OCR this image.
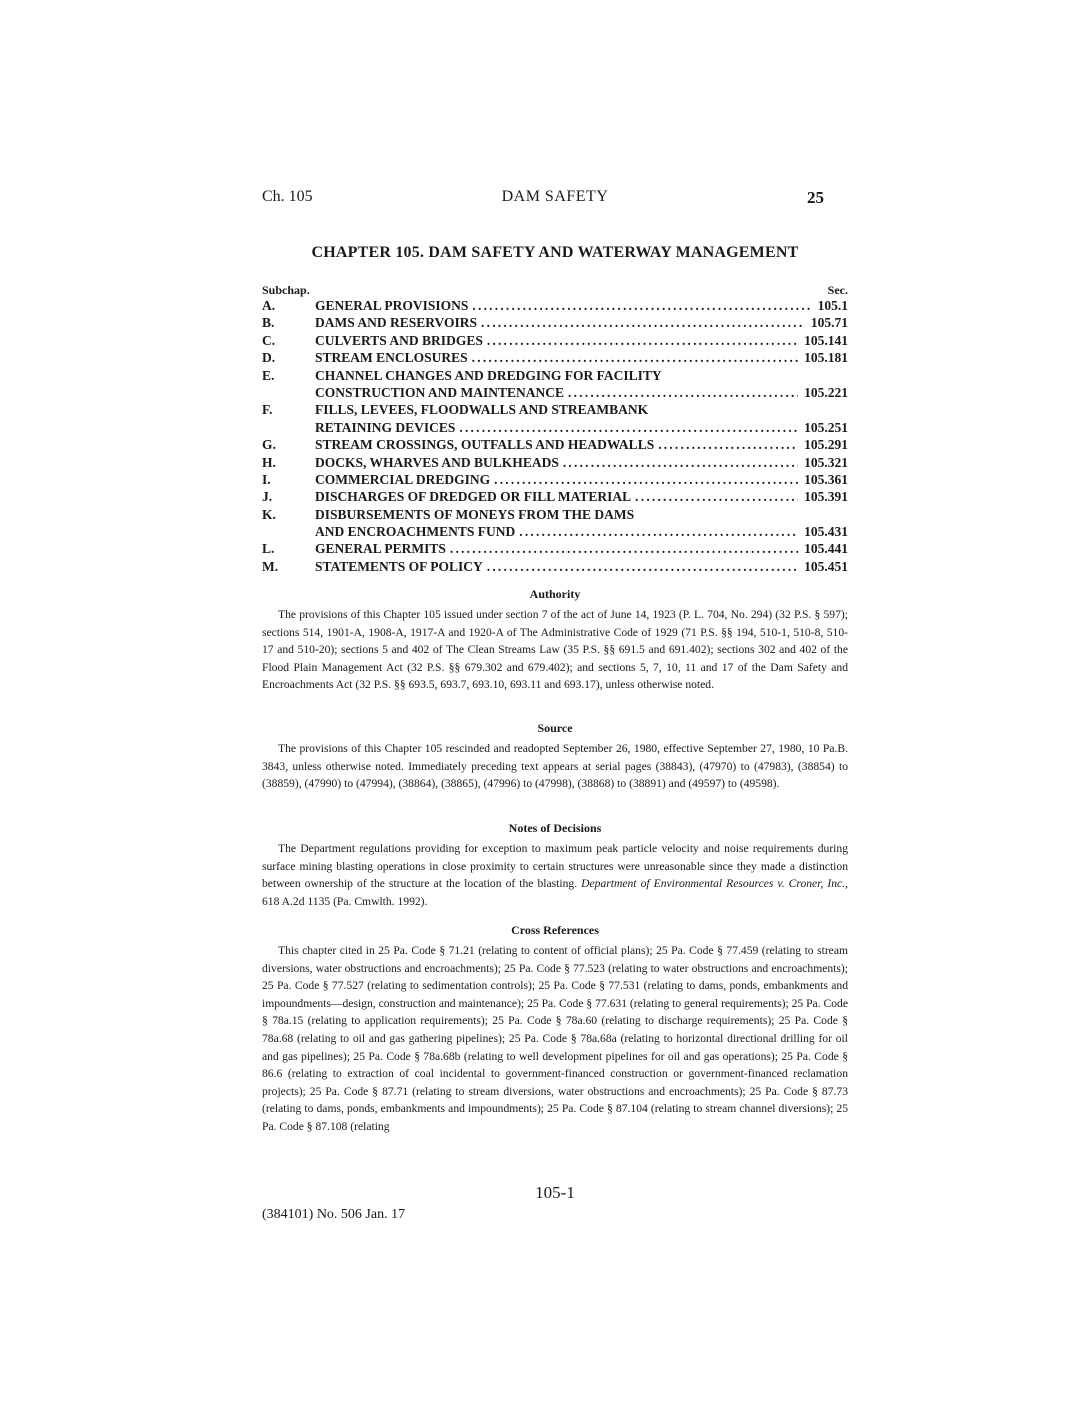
Ch. 105	DAM SAFETY	25
CHAPTER 105. DAM SAFETY AND WATERWAY MANAGEMENT
Subchap.	Sec.
A.	GENERAL PROVISIONS .....	105.1
B.	DAMS AND RESERVOIRS .....	105.71
C.	CULVERTS AND BRIDGES .....	105.141
D.	STREAM ENCLOSURES .....	105.181
E.	CHANNEL CHANGES AND DREDGING FOR FACILITY
CONSTRUCTION AND MAINTENANCE .....	105.221
F.	FILLS, LEVEES, FLOODWALLS AND STREAMBANK
RETAINING DEVICES .....	105.251
G.	STREAM CROSSINGS, OUTFALLS AND HEADWALLS .....	105.291
H.	DOCKS, WHARVES AND BULKHEADS .....	105.321
I.	COMMERCIAL DREDGING .....	105.361
J.	DISCHARGES OF DREDGED OR FILL MATERIAL .....	105.391
K.	DISBURSEMENTS OF MONEYS FROM THE DAMS
AND ENCROACHMENTS FUND .....	105.431
L.	GENERAL PERMITS .....	105.441
M.	STATEMENTS OF POLICY .....	105.451
Authority
The provisions of this Chapter 105 issued under section 7 of the act of June 14, 1923 (P. L. 704, No. 294) (32 P.S. § 597); sections 514, 1901-A, 1908-A, 1917-A and 1920-A of The Administrative Code of 1929 (71 P.S. §§ 194, 510-1, 510-8, 510-17 and 510-20); sections 5 and 402 of The Clean Streams Law (35 P.S. §§ 691.5 and 691.402); sections 302 and 402 of the Flood Plain Management Act (32 P.S. §§ 679.302 and 679.402); and sections 5, 7, 10, 11 and 17 of the Dam Safety and Encroachments Act (32 P.S. §§ 693.5, 693.7, 693.10, 693.11 and 693.17), unless otherwise noted.
Source
The provisions of this Chapter 105 rescinded and readopted September 26, 1980, effective September 27, 1980, 10 Pa.B. 3843, unless otherwise noted. Immediately preceding text appears at serial pages (38843), (47970) to (47983), (38854) to (38859), (47990) to (47994), (38864), (38865), (47996) to (47998), (38868) to (38891) and (49597) to (49598).
Notes of Decisions
The Department regulations providing for exception to maximum peak particle velocity and noise requirements during surface mining blasting operations in close proximity to certain structures were unreasonable since they made a distinction between ownership of the structure at the location of the blasting. Department of Environmental Resources v. Croner, Inc., 618 A.2d 1135 (Pa. Cmwlth. 1992).
Cross References
This chapter cited in 25 Pa. Code § 71.21 (relating to content of official plans); 25 Pa. Code § 77.459 (relating to stream diversions, water obstructions and encroachments); 25 Pa. Code § 77.523 (relating to water obstructions and encroachments); 25 Pa. Code § 77.527 (relating to sedimentation controls); 25 Pa. Code § 77.531 (relating to dams, ponds, embankments and impoundments—design, construction and maintenance); 25 Pa. Code § 77.631 (relating to general requirements); 25 Pa. Code § 78a.15 (relating to application requirements); 25 Pa. Code § 78a.60 (relating to discharge requirements); 25 Pa. Code § 78a.68 (relating to oil and gas gathering pipelines); 25 Pa. Code § 78a.68a (relating to horizontal directional drilling for oil and gas pipelines); 25 Pa. Code § 78a.68b (relating to well development pipelines for oil and gas operations); 25 Pa. Code § 86.6 (relating to extraction of coal incidental to government-financed construction or government-financed reclamation projects); 25 Pa. Code § 87.71 (relating to stream diversions, water obstructions and encroachments); 25 Pa. Code § 87.73 (relating to dams, ponds, embankments and impoundments); 25 Pa. Code § 87.104 (relating to stream channel diversions); 25 Pa. Code § 87.108 (relating
105-1
(384101) No. 506 Jan. 17
